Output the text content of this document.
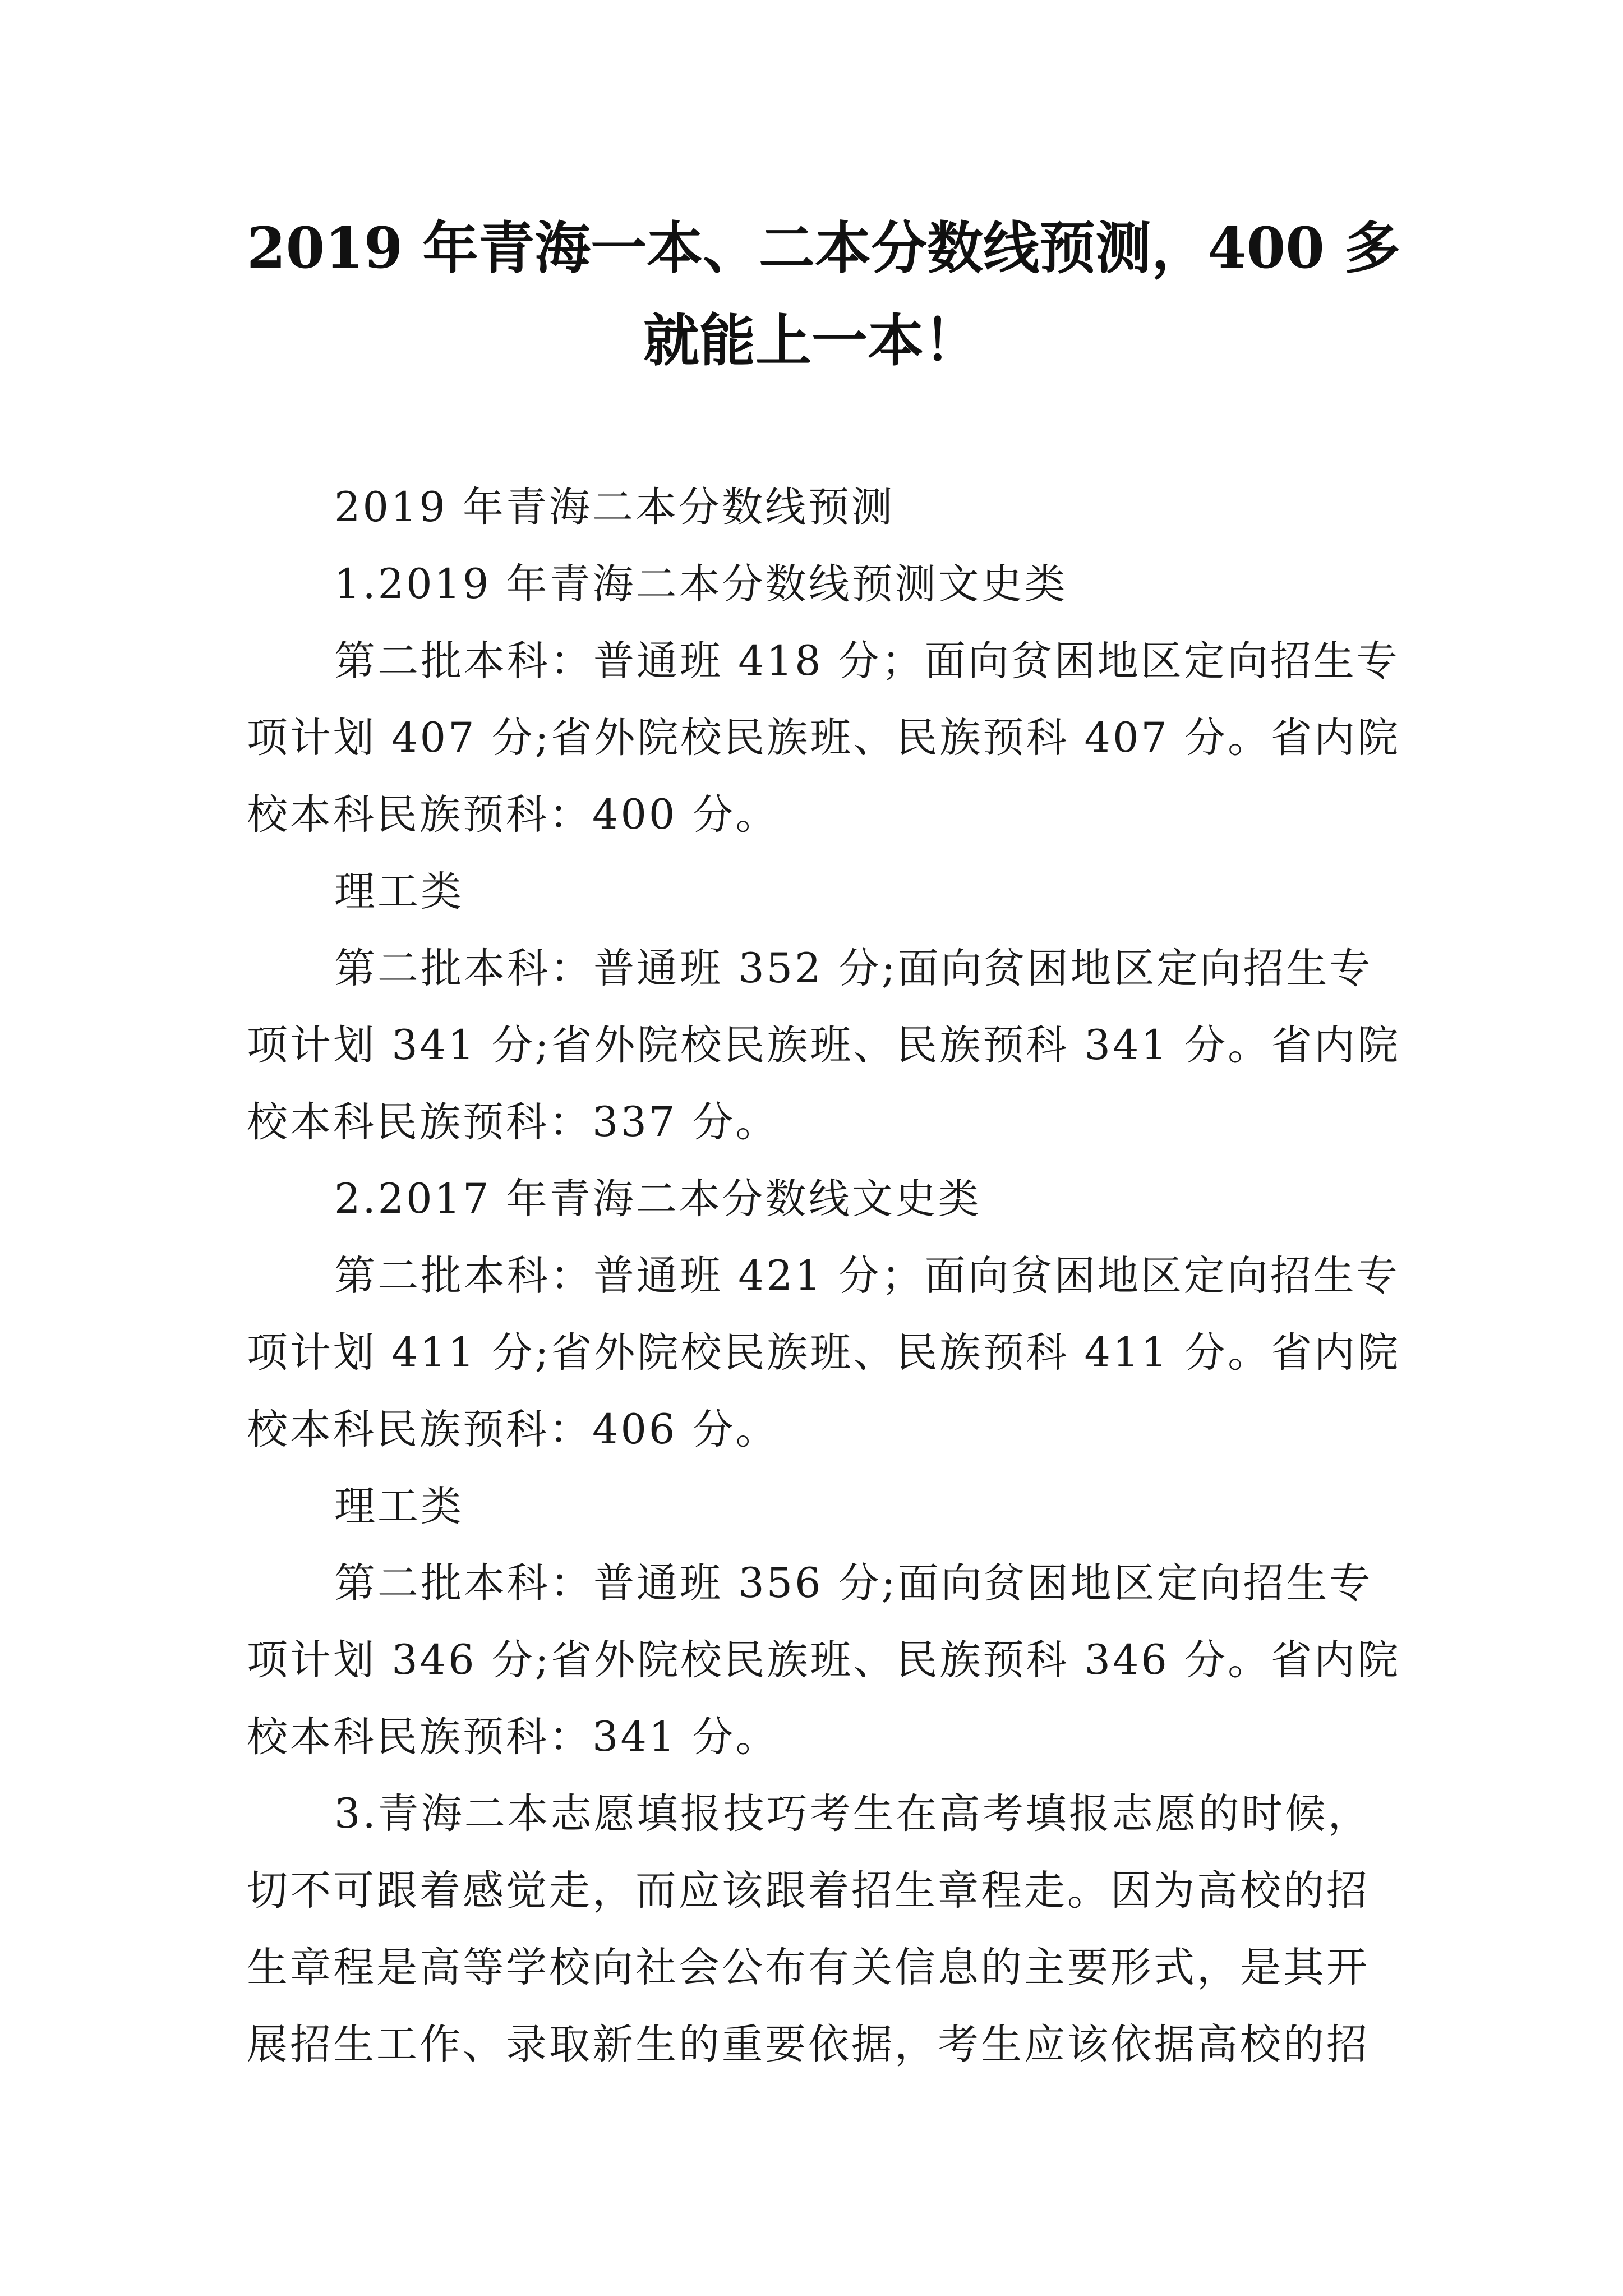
2019 年青海一本、二本分数线预测，400 多
就能上一本！

2019 年青海二本分数线预测

1.2019 年青海二本分数线预测文史类

第二批本科：普通班 418 分；面向贫困地区定向招生专

项计划 407 分;省外院校民族班、民族预科 407 分。省内院

校本科民族预科：400 分。

理工类

第二批本科：普通班 352 分;面向贫困地区定向招生专

项计划 341 分;省外院校民族班、民族预科 341 分。省内院

校本科民族预科：337 分。

2.2017 年青海二本分数线文史类

第二批本科：普通班 421 分；面向贫困地区定向招生专

项计划 411 分;省外院校民族班、民族预科 411 分。省内院

校本科民族预科：406 分。

理工类

第二批本科：普通班 356 分;面向贫困地区定向招生专

项计划 346 分;省外院校民族班、民族预科 346 分。省内院

校本科民族预科：341 分。

3.青海二本志愿填报技巧考生在高考填报志愿的时候，

切不可跟着感觉走，而应该跟着招生章程走。因为高校的招

生章程是高等学校向社会公布有关信息的主要形式，是其开

展招生工作、录取新生的重要依据，考生应该依据高校的招
